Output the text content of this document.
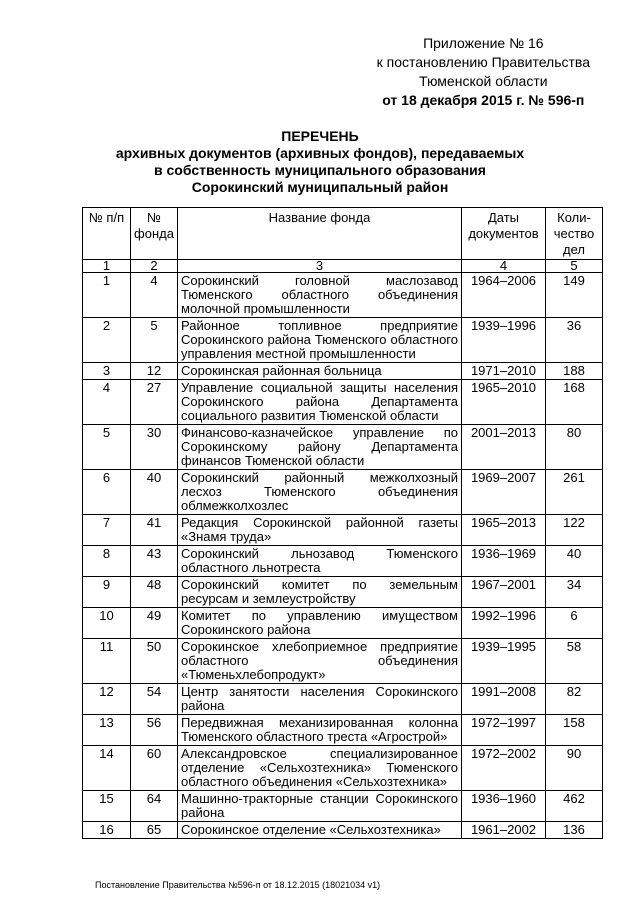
Приложение № 16
к постановлению Правительства
Тюменской области
от 18 декабря 2015 г. № 596-п
ПЕРЕЧЕНЬ
архивных документов (архивных фондов), передаваемых
в собственность муниципального образования
Сорокинский муниципальный район
№ п/п	№ фонда	Название фонда	Даты документов	Коли-чество дел
1	2	3	4	5
1	4	Сорокинский головной маслозавод Тюменского областного объединения молочной промышленности	1964–2006	149
2	5	Районное топливное предприятие Сорокинского района Тюменского областного управления местной промышленности	1939–1996	36
3	12	Сорокинская районная больница	1971–2010	188
4	27	Управление социальной защиты населения Сорокинского района Департамента социального развития Тюменской области	1965–2010	168
5	30	Финансово-казначейское управление по Сорокинскому району Департамента финансов Тюменской области	2001–2013	80
6	40	Сорокинский районный межколхозный лесхоз Тюменского объединения облмежколхозлес	1969–2007	261
7	41	Редакция Сорокинской районной газеты «Знамя труда»	1965–2013	122
8	43	Сорокинский льнозавод Тюменского областного льнотреста	1936–1969	40
9	48	Сорокинский комитет по земельным ресурсам и землеустройству	1967–2001	34
10	49	Комитет по управлению имуществом Сорокинского района	1992–1996	6
11	50	Сорокинское хлебоприемное предприятие областного объединения «Тюменьхлебопродукт»	1939–1995	58
12	54	Центр занятости населения Сорокинского района	1991–2008	82
13	56	Передвижная механизированная колонна Тюменского областного треста «Агрострой»	1972–1997	158
14	60	Александровское специализированное отделение «Сельхозтехника» Тюменского областного объединения «Сельхозтехника»	1972–2002	90
15	64	Машинно-тракторные станции Сорокинского района	1936–1960	462
16	65	Сорокинское отделение «Сельхозтехника»	1961–2002	136
Постановление Правительства №596-п от 18.12.2015 (18021034 v1)
